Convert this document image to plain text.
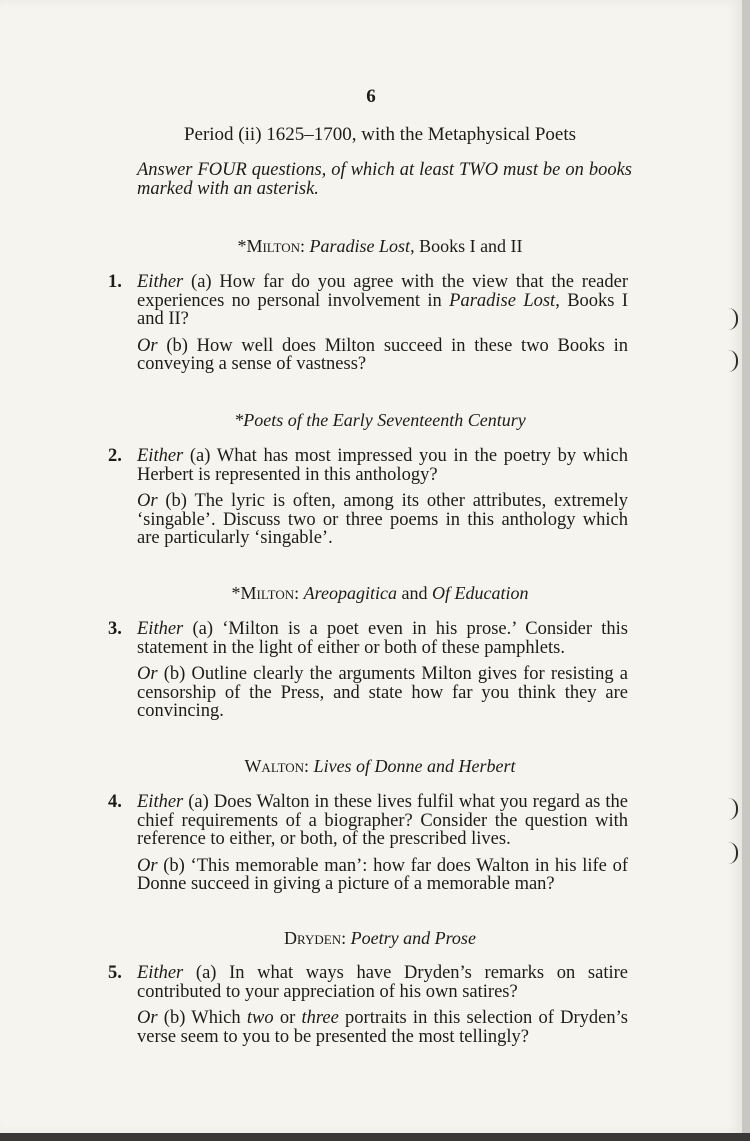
6
Period (ii) 1625–1700, with the Metaphysical Poets
Answer FOUR questions, of which at least TWO must be on books marked with an asterisk.
*Milton: Paradise Lost, Books I and II
1. Either (a) How far do you agree with the view that the reader experiences no personal involvement in Paradise Lost, Books I and II?
Or (b) How well does Milton succeed in these two Books in conveying a sense of vastness?
*Poets of the Early Seventeenth Century
2. Either (a) What has most impressed you in the poetry by which Herbert is represented in this anthology?
Or (b) The lyric is often, among its other attributes, extremely ‘singable’. Discuss two or three poems in this anthology which are particularly ‘singable’.
*Milton: Areopagitica and Of Education
3. Either (a) ‘Milton is a poet even in his prose.’ Consider this statement in the light of either or both of these pamphlets.
Or (b) Outline clearly the arguments Milton gives for resisting a censorship of the Press, and state how far you think they are convincing.
Walton: Lives of Donne and Herbert
4. Either (a) Does Walton in these lives fulfil what you regard as the chief requirements of a biographer? Consider the question with reference to either, or both, of the prescribed lives.
Or (b) ‘This memorable man’: how far does Walton in his life of Donne succeed in giving a picture of a memorable man?
Dryden: Poetry and Prose
5. Either (a) In what ways have Dryden’s remarks on satire contributed to your appreciation of his own satires?
Or (b) Which two or three portraits in this selection of Dryden’s verse seem to you to be presented the most tellingly?
